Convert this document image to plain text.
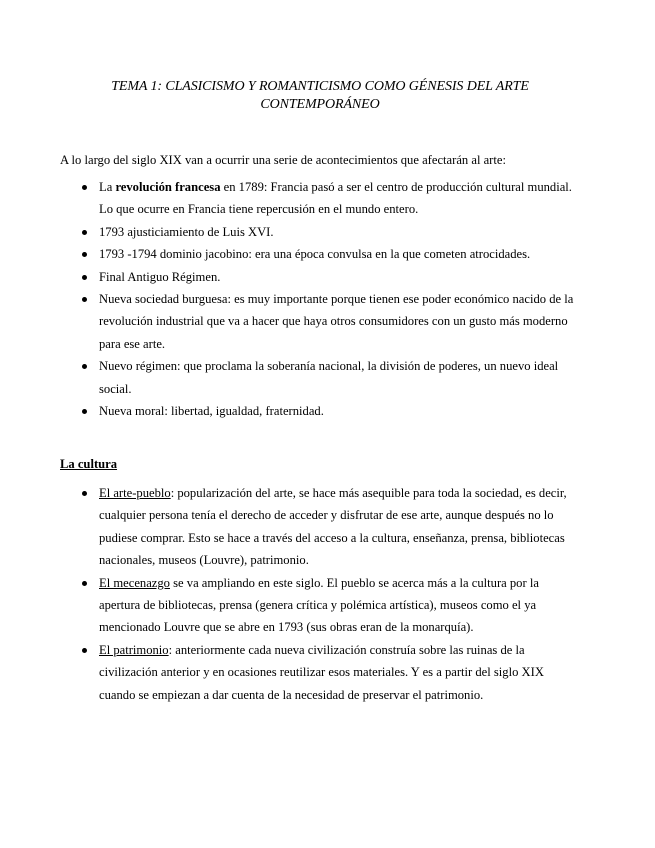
TEMA 1: CLASICISMO Y ROMANTICISMO COMO GÉNESIS DEL ARTE CONTEMPORÁNEO
A lo largo del siglo XIX van a ocurrir una serie de acontecimientos que afectarán al arte:
La revolución francesa en 1789: Francia pasó a ser el centro de producción cultural mundial. Lo que ocurre en Francia tiene repercusión en el mundo entero.
1793 ajusticiamiento de Luis XVI.
1793 -1794 dominio jacobino: era una época convulsa en la que cometen atrocidades.
Final Antiguo Régimen.
Nueva sociedad burguesa: es muy importante porque tienen ese poder económico nacido de la revolución industrial que va a hacer que haya otros consumidores con un gusto más moderno para ese arte.
Nuevo régimen: que proclama la soberanía nacional, la división de poderes, un nuevo ideal social.
Nueva moral: libertad, igualdad, fraternidad.
La cultura
El arte-pueblo: popularización del arte, se hace más asequible para toda la sociedad, es decir, cualquier persona tenía el derecho de acceder y disfrutar de ese arte, aunque después no lo pudiese comprar. Esto se hace a través del acceso a la cultura, enseñanza, prensa, bibliotecas nacionales, museos (Louvre), patrimonio.
El mecenazgo se va ampliando en este siglo. El pueblo se acerca más a la cultura por la apertura de bibliotecas, prensa (genera crítica y polémica artística), museos como el ya mencionado Louvre que se abre en 1793 (sus obras eran de la monarquía).
El patrimonio: anteriormente cada nueva civilización construía sobre las ruinas de la civilización anterior y en ocasiones reutilizar esos materiales. Y es a partir del siglo XIX cuando se empiezan a dar cuenta de la necesidad de preservar el patrimonio.
